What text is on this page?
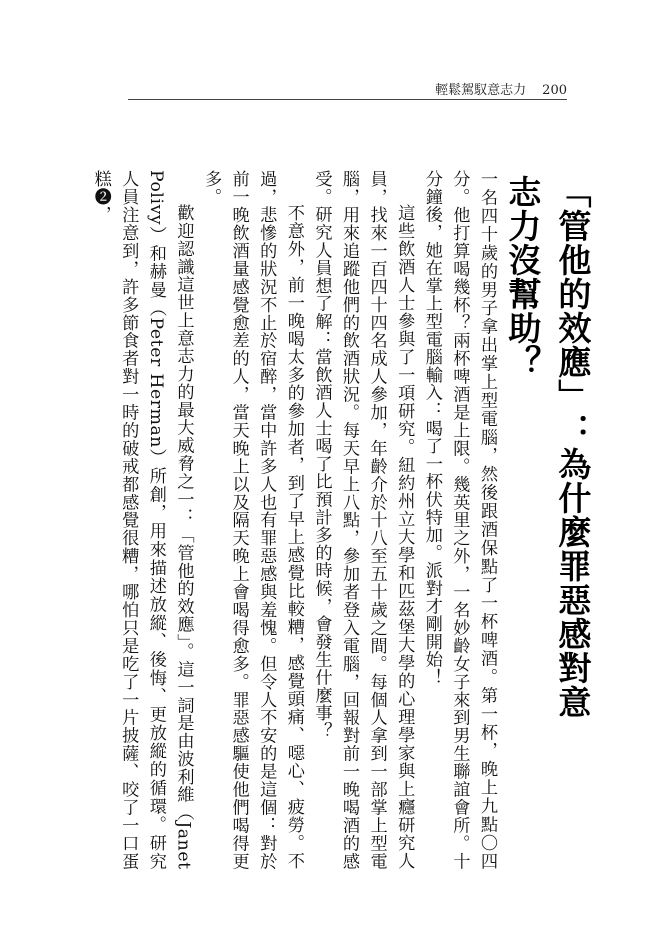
輕鬆駕馭意志力 200
「管他的效應」：為什麼罪惡感對意志力沒幫助？

一名四十歲的男子拿出掌上型電腦，然後跟酒保點了一杯啤酒。第一杯，晚上九點〇四分。他打算喝幾杯？兩杯啤酒是上限。幾英里之外，一名妙齡女子來到男生聯誼會所。十分鐘後，她在掌上型電腦輸入：喝了一杯伏特加。派對才剛開始！

這些飲酒人士參與了一項研究。紐約州立大學和匹茲堡大學的心理學家與上癮研究人員，找來一百四十四名成人參加，年齡介於十八至五十歲之間。每個人拿到一部掌上型電腦，用來追蹤他們的飲酒狀況。每天早上八點，參加者登入電腦，回報對前一晚喝酒的感受。研究人員想了解：當飲酒人士喝了比預計多的時候，會發生什麼事？

不意外，前一晚喝太多的參加者，到了早上感覺比較糟，感覺頭痛、噁心、疲勞。不過，悲慘的狀況不止於宿醉，當中許多人也有罪惡感與羞愧。但令人不安的是這個：對於前一晚飲酒量感覺愈差的人，當天晚上以及隔天晚上會喝得愈多。罪惡感驅使他們喝得更多。

歡迎認識這世上意志力的最大威脅之一：「管他的效應」。這一詞是由波利維（Janet Polivy）和赫曼（Peter Herman）所創，用來描述放縱、後悔、更放縱的循環。研究人員注意到，許多節食者對一時的破戒都感覺很糟，哪怕只是吃了一片披薩、咬了一口蛋糕❷，
